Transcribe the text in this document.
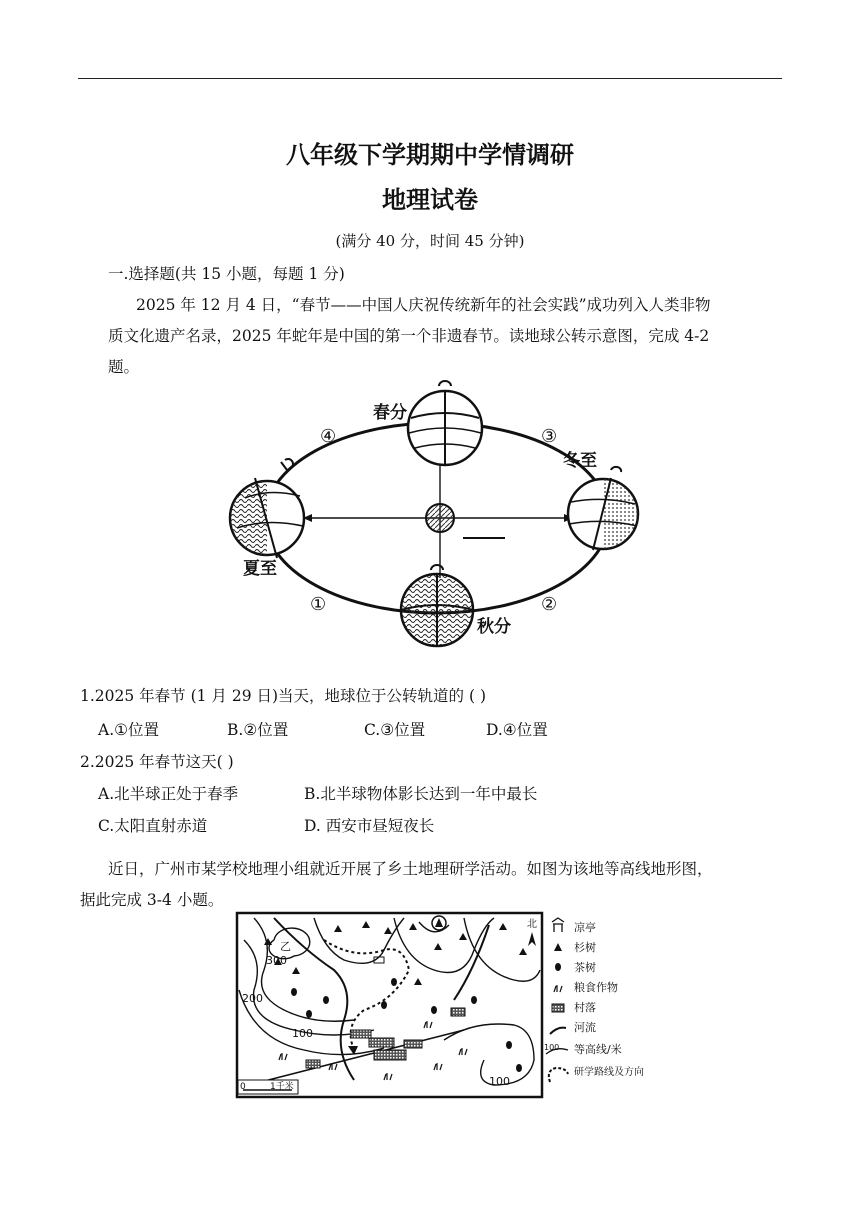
八年级下学期期中学情调研
地理试卷
(满分 40 分，时间 45 分钟)
一.选择题(共 15 小题，每题 1 分)

2025 年 12 月 4 日，“春节——中国人庆祝传统新年的社会实践”成功列入人类非物

质文化遗产名录，2025 年蛇年是中国的第一个非遗春节。读地球公转示意图，完成 4-2

题。

春分
夏至
秋分
冬至
①	②
③
④
1.2025 年春节 (1 月 29 日)当天，地球位于公转轨道的 ( )
A.①位置	B.②位置	C.③位置	D.④位置
2.2025 年春节这天( )
A.北半球正处于春季	B.北半球物体影长达到一年中最长
C.太阳直射赤道	D. 西安市昼短夜长

近日，广州市某学校地理小组就近开展了乡土地理研学活动。如图为该地等高线地形图，

据此完成 3-4 小题。

300
200
100
100
乙
北
0	1千米
凉亭
杉树
茶树
粮食作物
村落
河流
100 等高线/米
研学路线及方向
